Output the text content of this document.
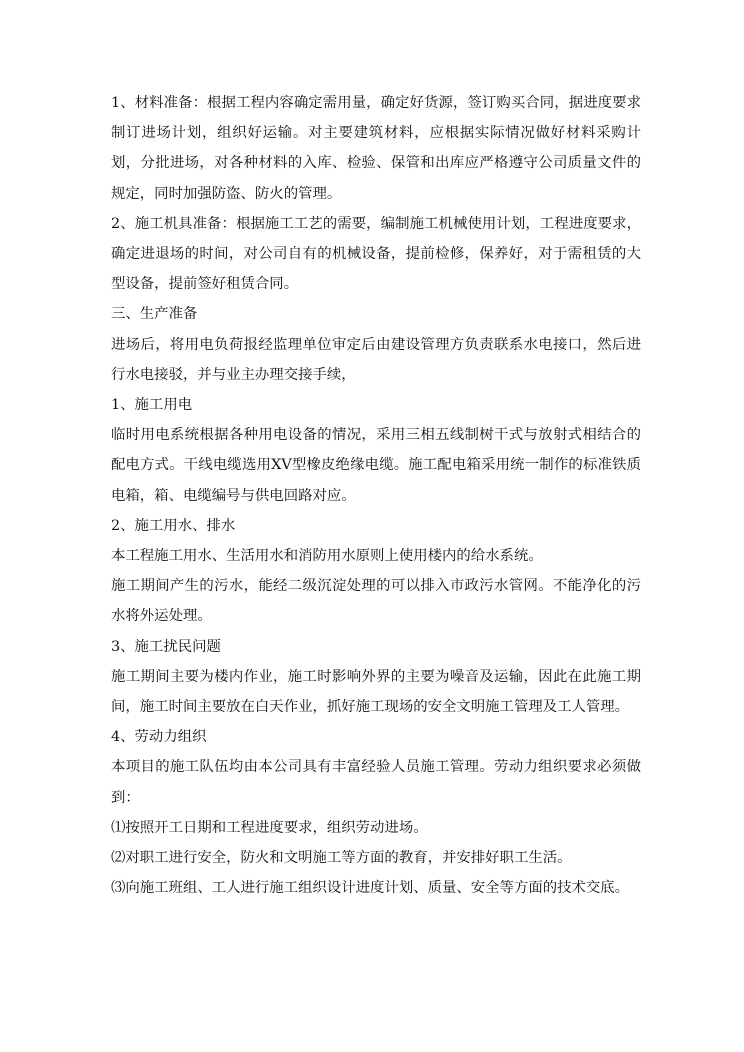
1、材料准备：根据工程内容确定需用量，确定好货源，签订购买合同，据进度要求制订进场计划，组织好运输。对主要建筑材料，应根据实际情况做好材料采购计划，分批进场，对各种材料的入库、检验、保管和出库应严格遵守公司质量文件的规定，同时加强防盗、防火的管理。

2、施工机具准备：根据施工工艺的需要，编制施工机械使用计划，工程进度要求，确定进退场的时间，对公司自有的机械设备，提前检修，保养好，对于需租赁的大型设备，提前签好租赁合同。

三、生产准备

进场后，将用电负荷报经监理单位审定后由建设管理方负责联系水电接口，然后进行水电接驳，并与业主办理交接手续，

1、施工用电

临时用电系统根据各种用电设备的情况，采用三相五线制树干式与放射式相结合的配电方式。干线电缆选用XV型橡皮绝缘电缆。施工配电箱采用统一制作的标准铁质电箱，箱、电缆编号与供电回路对应。

2、施工用水、排水

本工程施工用水、生活用水和消防用水原则上使用楼内的给水系统。

施工期间产生的污水，能经二级沉淀处理的可以排入市政污水管网。不能净化的污水将外运处理。

3、施工扰民问题

施工期间主要为楼内作业，施工时影响外界的主要为噪音及运输，因此在此施工期间，施工时间主要放在白天作业，抓好施工现场的安全文明施工管理及工人管理。

4、劳动力组织

本项目的施工队伍均由本公司具有丰富经验人员施工管理。劳动力组织要求必须做到：

⑴按照开工日期和工程进度要求，组织劳动进场。

⑵对职工进行安全，防火和文明施工等方面的教育，并安排好职工生活。

⑶向施工班组、工人进行施工组织设计进度计划、质量、安全等方面的技术交底。
